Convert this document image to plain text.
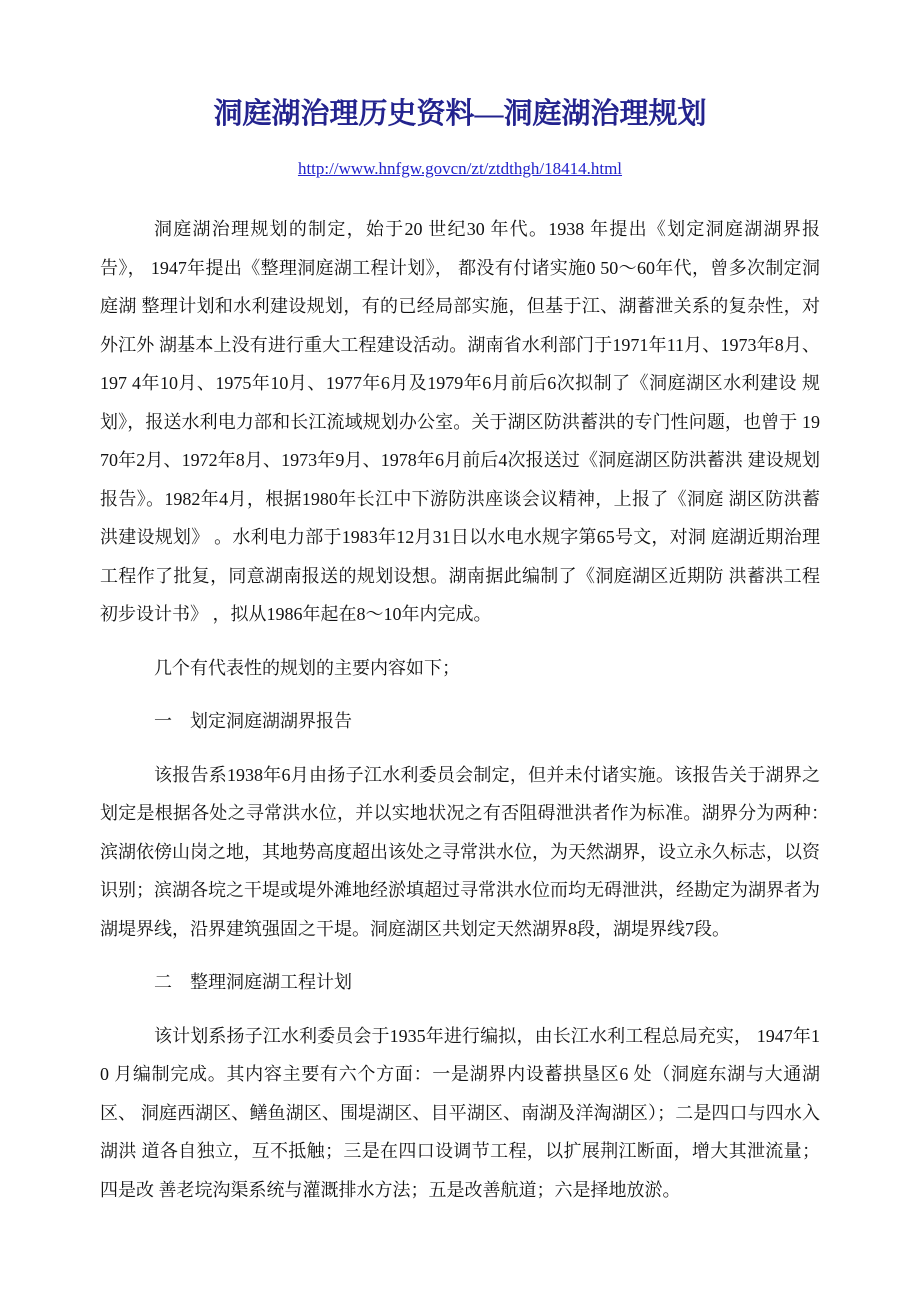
洞庭湖治理历史资料—洞庭湖治理规划
http://www.hnfgw.govcn/zt/ztdthgh/18414.html

洞庭湖治理规划的制定，始于20 世纪30 年代。1938 年提出《划定洞庭湖湖界报告》， 1947年提出《整理洞庭湖工程计划》， 都没有付诸实施0 50〜60年代，曾多次制定洞庭湖 整理计划和水利建设规划，有的已经局部实施，但基于江、湖蓄泄关系的复杂性，对外江外 湖基本上没有进行重大工程建设活动。湖南省水利部门于1971年11月、1973年8月、197 4年10月、1975年10月、1977年6月及1979年6月前后6次拟制了《洞庭湖区水利建设 规划》，报送水利电力部和长江流域规划办公室。关于湖区防洪蓄洪的专门性问题，也曾于 1970年2月、1972年8月、1973年9月、1978年6月前后4次报送过《洞庭湖区防洪蓄洪 建设规划报告》。1982年4月，根据1980年长江中下游防洪座谈会议精神，上报了《洞庭 湖区防洪蓄洪建设规划》 。水利电力部于1983年12月31日以水电水规字第65号文，对洞 庭湖近期治理工程作了批复，同意湖南报送的规划设想。湖南据此编制了《洞庭湖区近期防 洪蓄洪工程初步设计书》 ，拟从1986年起在8〜10年内完成。

几个有代表性的规划的主要内容如下；

一　划定洞庭湖湖界报告

该报告系1938年6月由扬子江水利委员会制定，但并未付诸实施。该报告关于湖界之　划定是根据各处之寻常洪水位，并以实地状况之有否阻碍泄洪者作为标准。湖界分为两种：　滨湖依傍山岗之地，其地势高度超出该处之寻常洪水位，为天然湖界，设立永久标志，以资 识别；滨湖各垸之干堤或堤外滩地经淤填超过寻常洪水位而均无碍泄洪，经勘定为湖界者为 湖堤界线，沿界建筑强固之干堤。洞庭湖区共划定天然湖界8段，湖堤界线7段。

二　整理洞庭湖工程计划

该计划系扬子江水利委员会于1935年进行编拟，由长江水利工程总局充实， 1947年1 0 月编制完成。其内容主要有六个方面：一是湖界内设蓄拱垦区6 处（洞庭东湖与大通湖区、 洞庭西湖区、鳝鱼湖区、围堤湖区、目平湖区、南湖及洋淘湖区）；二是四口与四水入湖洪 道各自独立，互不抵触；三是在四口设调节工程，以扩展荆江断面，增大其泄流量；四是改 善老垸沟渠系统与灌溉排水方法；五是改善航道；六是择地放淤。
